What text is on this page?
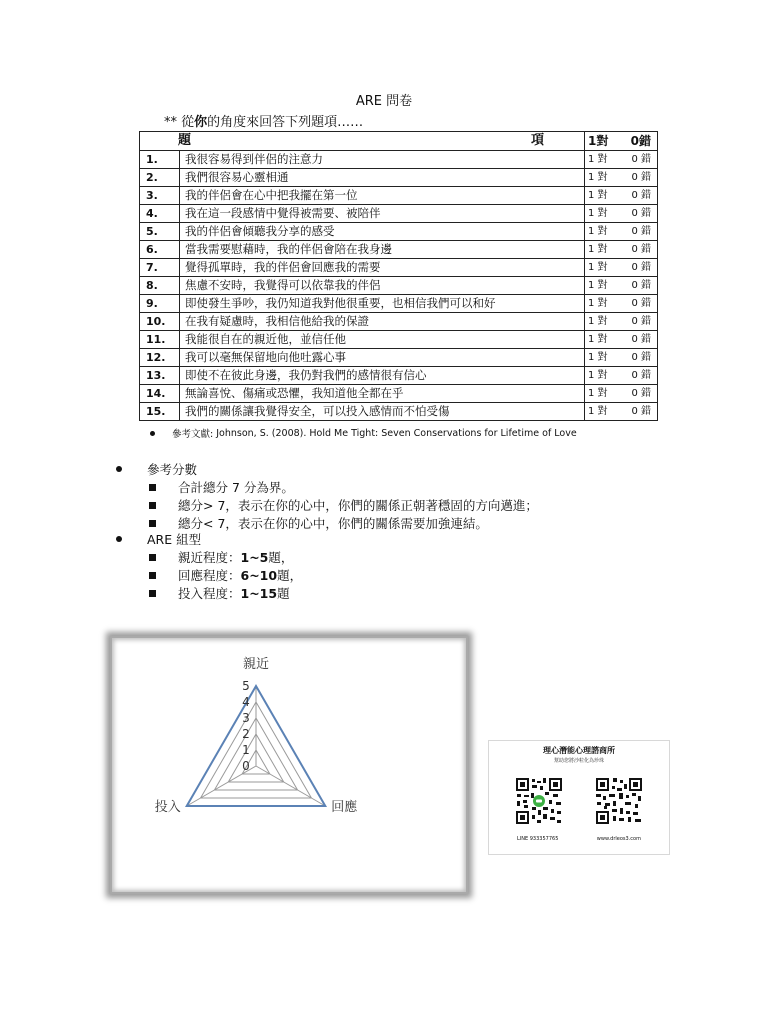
ARE 問卷
** 從你的角度來回答下列題項……
題 項		1對 0錯

1.	我很容易得到伴侶的注意力	1 對 0 錯

2.	我們很容易心靈相通	1 對 0 錯

3.	我的伴侶會在心中把我擺在第一位	1 對 0 錯

4.	我在這一段感情中覺得被需要、被陪伴	1 對 0 錯

5.	我的伴侶會傾聽我分享的感受	1 對 0 錯

6.	當我需要慰藉時，我的伴侶會陪在我身邊	1 對 0 錯

7.	覺得孤單時，我的伴侶會回應我的需要	1 對 0 錯

8.	焦慮不安時，我覺得可以依靠我的伴侶	1 對 0 錯

9.	即使發生爭吵，我仍知道我對他很重要，也相信我們可以和好	1 對 0 錯

10.	在我有疑慮時，我相信他給我的保證	1 對 0 錯

11.	我能很自在的親近他，並信任他	1 對 0 錯

12.	我可以毫無保留地向他吐露心事	1 對 0 錯

13.	即使不在彼此身邊，我仍對我們的感情很有信心	1 對 0 錯

14.	無論喜悅、傷痛或恐懼，我知道他全都在乎	1 對 0 錯

15.	我們的關係讓我覺得安全，可以投入感情而不怕受傷	1 對 0 錯
參考文獻:
Johnson, S. (2008). Hold Me Tight: Seven Conservations for Lifetime of Love
參考分數
合計總分 7 分為界。
總分> 7，表示在你的心中，你們的關係正朝著穩固的方向邁進；
總分< 7，表示在你的心中，你們的關係需要加強連結。
ARE 組型
親近程度： 1~5 題，
回應程度： 6~10 題，
投入程度： 1~15 題
0
1
2
3
4
5
親近
回應
投入
理心潛能心理諮商所
幫助您將沙粒化為珍珠
LINE 933357765	www.drleos3.com
